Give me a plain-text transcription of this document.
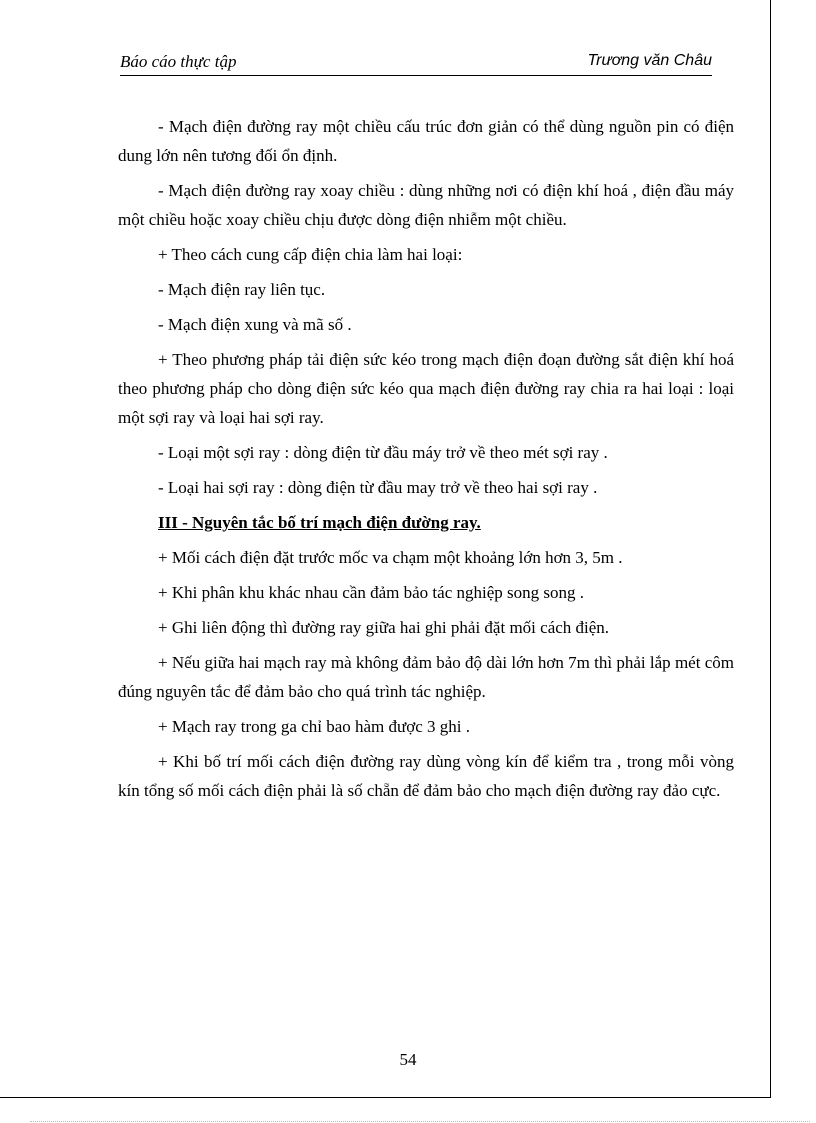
Báo cáo thực tập	Trương văn Châu

- Mạch điện đường ray một chiều cấu trúc đơn giản có thể dùng nguồn pin có điện dung lớn nên tương đối ổn định.

- Mạch điện đường ray xoay chiều : dùng những nơi có điện khí hoá , điện đầu máy một chiều hoặc xoay chiều chịu được dòng điện nhiễm một chiều.

+ Theo cách cung cấp điện chia làm hai loại:

- Mạch điện ray liên tục.

- Mạch điện xung và mã số .

+ Theo phương pháp tải điện sức kéo trong mạch điện đoạn đường sắt điện khí hoá theo phương pháp cho dòng điện sức kéo qua mạch điện đường ray chia ra hai loại : loại một sợi ray và loại hai sợi ray.

- Loại một sợi ray : dòng điện từ đầu máy trở về theo mét sợi ray .

- Loại hai sợi ray : dòng điện từ đầu may trở về theo hai sợi ray .

III - Nguyên tắc bố trí mạch điện đường ray.

+ Mối cách điện đặt trước mốc va chạm một khoảng lớn hơn 3, 5m .

+ Khi phân khu khác nhau cần đảm bảo tác nghiệp song song .

+ Ghi liên động thì đường ray giữa hai ghi phải đặt mối cách điện.

+ Nếu giữa hai mạch ray mà không đảm bảo độ dài lớn hơn 7m thì phải lắp mét côm đúng nguyên tắc để đảm bảo cho quá trình tác nghiệp.

+ Mạch ray trong ga chỉ bao hàm được 3 ghi .

+ Khi bố trí mối cách điện đường ray dùng vòng kín để kiểm tra , trong mỗi vòng kín tổng số mối cách điện phải là số chẵn để đảm bảo cho mạch điện đường ray đảo cực.

54
